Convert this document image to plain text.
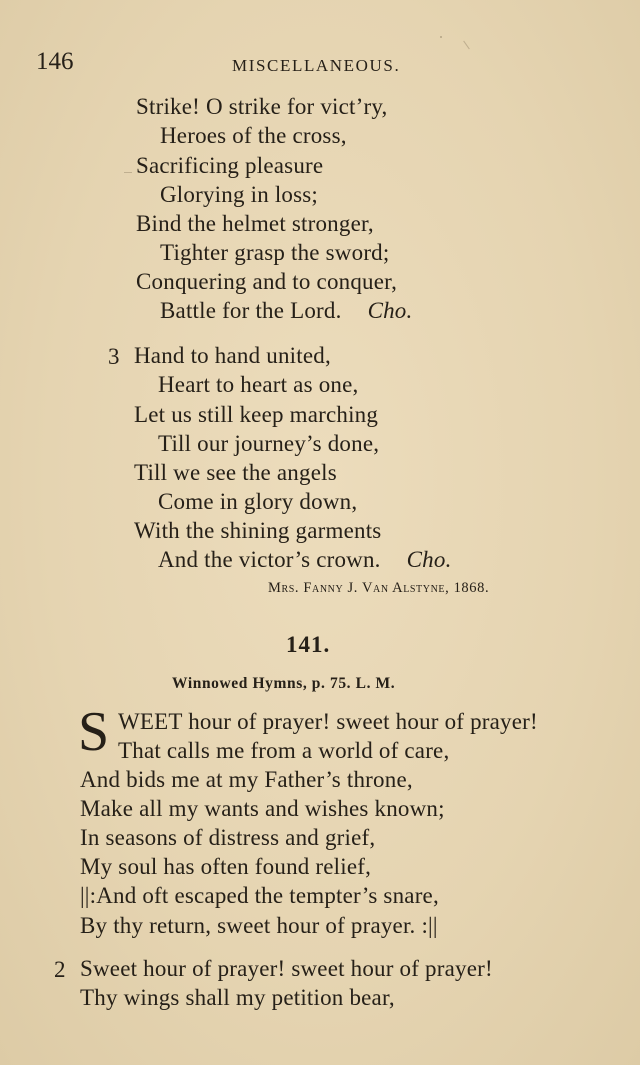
146	MISCELLANEOUS.
Strike! O strike for vict’ry,
Heroes of the cross,
Sacrificing pleasure
Glorying in loss;
Bind the helmet stronger,
Tighter grasp the sword;
Conquering and to conquer,
Battle for the Lord. Cho.
3 Hand to hand united,
Heart to heart as one,
Let us still keep marching
Till our journey’s done,
Till we see the angels
Come in glory down,
With the shining garments
And the victor’s crown. Cho.
Mrs. Fanny J. Van Alstyne, 1868.
141.
Winnowed Hymns, p. 75. L. M.
S WEET hour of prayer! sweet hour of prayer!
That calls me from a world of care,
And bids me at my Father’s throne,
Make all my wants and wishes known;
In seasons of distress and grief,
My soul has often found relief,
||:And oft escaped the tempter’s snare,
By thy return, sweet hour of prayer. :||
2 Sweet hour of prayer! sweet hour of prayer!
Thy wings shall my petition bear,
